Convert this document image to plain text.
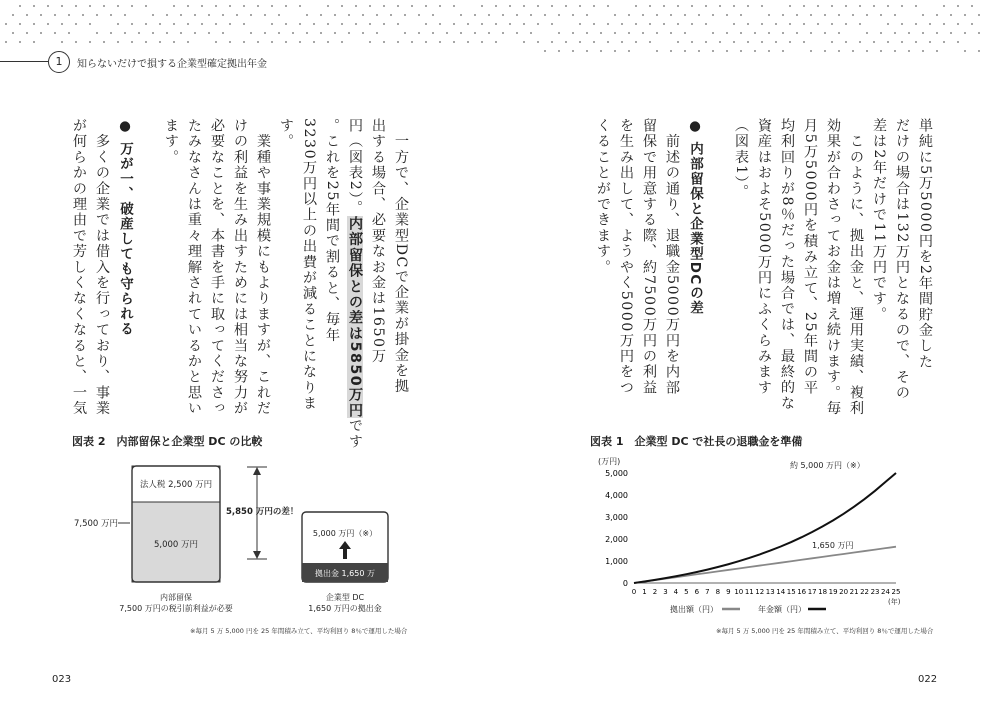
1	知らないだけで損する企業型確定拠出年金
単純に5万5000円を2年間貯金した
だけの場合は132万円となるので、その
差は2年だけで11万円です。
　このように、拠出金と、運用実績、複利
効果が合わさってお金は増え続けます。毎
月5万5000円を積み立て、25年間の平
均利回りが8％だった場合では、最終的な
資産はおよそ5000万円にふくらみます
（図表1）。

● 内部留保と企業型DCの差
　前述の通り、退職金5000万円を内部
留保で用意する際、約7500万円の利益
を生み出して、ようやく5000万円をつ
くることができます。
　一方で、企業型DCで企業が掛金を拠
出する場合、必要なお金は1650万
円（図表2）。内部留保との差は5850万円です
。これを25年間で割ると、毎年
3230万円以上の出費が減ることになりま
す。
　業種や事業規模にもよりますが、これだ
けの利益を生み出すためには相当な努力が
必要なことを、本書を手に取ってくださっ
たみなさんは重々理解されているかと思い
ます。

● 万が一、破産しても守られる
　多くの企業では借入を行っており、事業
が何らかの理由で芳しくなくなると、一気
図表 2　内部留保と企業型 DC の比較
法人税 2,500 万円
5,000 万円
7,500 万円
内部留保
7,500 万円の税引前利益が必要
5,850 万円の差！
5,000 万円（※）
拠出金 1,650 万
企業型 DC
1,650 万円の拠出金
※毎月 5 万 5,000 円を 25 年間積み立て、平均利回り 8％で運用した場合
図表 1　企業型 DC で社長の退職金を準備
(万円)
(年)
5,000
4,000
3,000
2,000
1,000
0
0 1 2 3 4 5 6 7 8 9 10 11 12 13 14 15 16 17 18 19 20 21 22 23 24 25
約 5,000 万円（※）
1,650 万円
拠出額（円）	年金額（円）
※毎月 5 万 5,000 円を 25 年間積み立て、平均利回り 8％で運用した場合
023	022
